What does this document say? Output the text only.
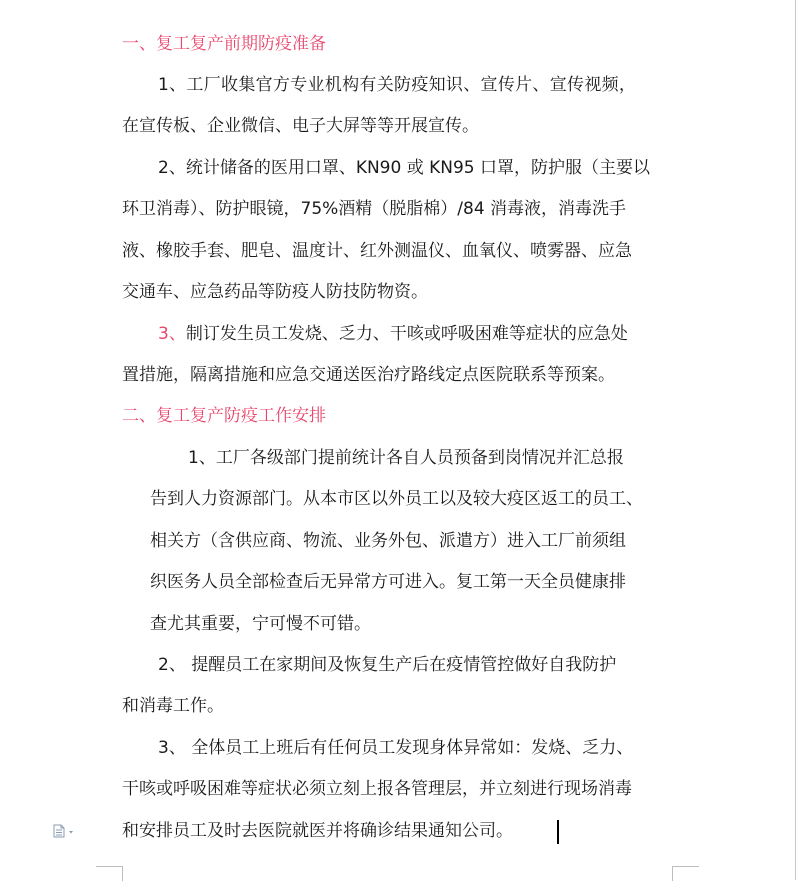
一、复工复产前期防疫准备
1、工厂收集官方专业机构有关防疫知识、宣传片、宣传视频，
在宣传板、企业微信、电子大屏等等开展宣传。
2、统计储备的医用口罩、KN90 或 KN95 口罩，防护服（主要以
环卫消毒）、防护眼镜，75%酒精（脱脂棉）/84 消毒液，消毒洗手
液、橡胶手套、肥皂、温度计、红外测温仪、血氧仪、喷雾器、应急
交通车、应急药品等防疫人防技防物资。
3、制订发生员工发烧、乏力、干咳或呼吸困难等症状的应急处
置措施，隔离措施和应急交通送医治疗路线定点医院联系等预案。
二、复工复产防疫工作安排
1、工厂各级部门提前统计各自人员预备到岗情况并汇总报
告到人力资源部门。从本市区以外员工以及较大疫区返工的员工、
相关方（含供应商、物流、业务外包、派遣方）进入工厂前须组
织医务人员全部检查后无异常方可进入。复工第一天全员健康排
查尤其重要，宁可慢不可错。
2、 提醒员工在家期间及恢复生产后在疫情管控做好自我防护
和消毒工作。
3、 全体员工上班后有任何员工发现身体异常如：发烧、乏力、
干咳或呼吸困难等症状必须立刻上报各管理层，并立刻进行现场消毒
和安排员工及时去医院就医并将确诊结果通知公司。
